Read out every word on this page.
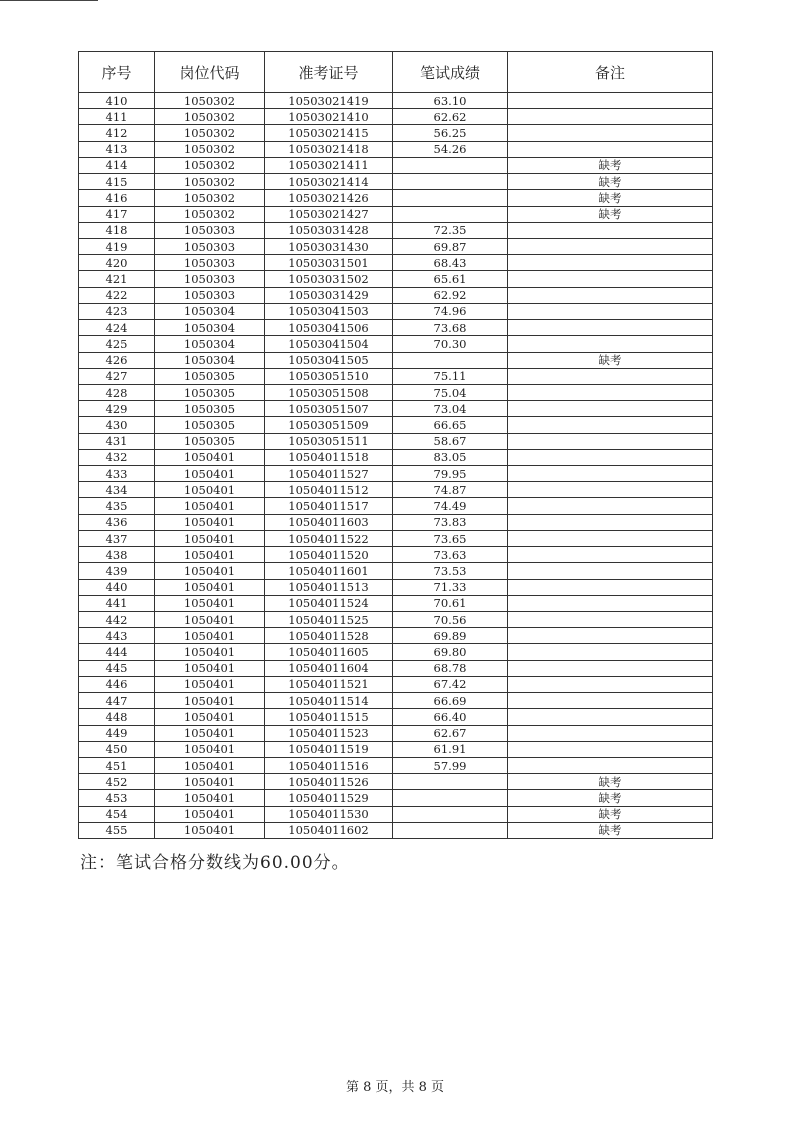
序号	岗位代码	准考证号	笔试成绩	备注
410	1050302	10503021419	63.10	
411	1050302	10503021410	62.62	
412	1050302	10503021415	56.25	
413	1050302	10503021418	54.26	
414	1050302	10503021411		缺考
415	1050302	10503021414		缺考
416	1050302	10503021426		缺考
417	1050302	10503021427		缺考
418	1050303	10503031428	72.35	
419	1050303	10503031430	69.87	
420	1050303	10503031501	68.43	
421	1050303	10503031502	65.61	
422	1050303	10503031429	62.92	
423	1050304	10503041503	74.96	
424	1050304	10503041506	73.68	
425	1050304	10503041504	70.30	
426	1050304	10503041505		缺考
427	1050305	10503051510	75.11	
428	1050305	10503051508	75.04	
429	1050305	10503051507	73.04	
430	1050305	10503051509	66.65	
431	1050305	10503051511	58.67	
432	1050401	10504011518	83.05	
433	1050401	10504011527	79.95	
434	1050401	10504011512	74.87	
435	1050401	10504011517	74.49	
436	1050401	10504011603	73.83	
437	1050401	10504011522	73.65	
438	1050401	10504011520	73.63	
439	1050401	10504011601	73.53	
440	1050401	10504011513	71.33	
441	1050401	10504011524	70.61	
442	1050401	10504011525	70.56	
443	1050401	10504011528	69.89	
444	1050401	10504011605	69.80	
445	1050401	10504011604	68.78	
446	1050401	10504011521	67.42	
447	1050401	10504011514	66.69	
448	1050401	10504011515	66.40	
449	1050401	10504011523	62.67	
450	1050401	10504011519	61.91	
451	1050401	10504011516	57.99	
452	1050401	10504011526		缺考
453	1050401	10504011529		缺考
454	1050401	10504011530		缺考
455	1050401	10504011602		缺考

注：笔试合格分数线为60.00分。

第 8 页，共 8 页
